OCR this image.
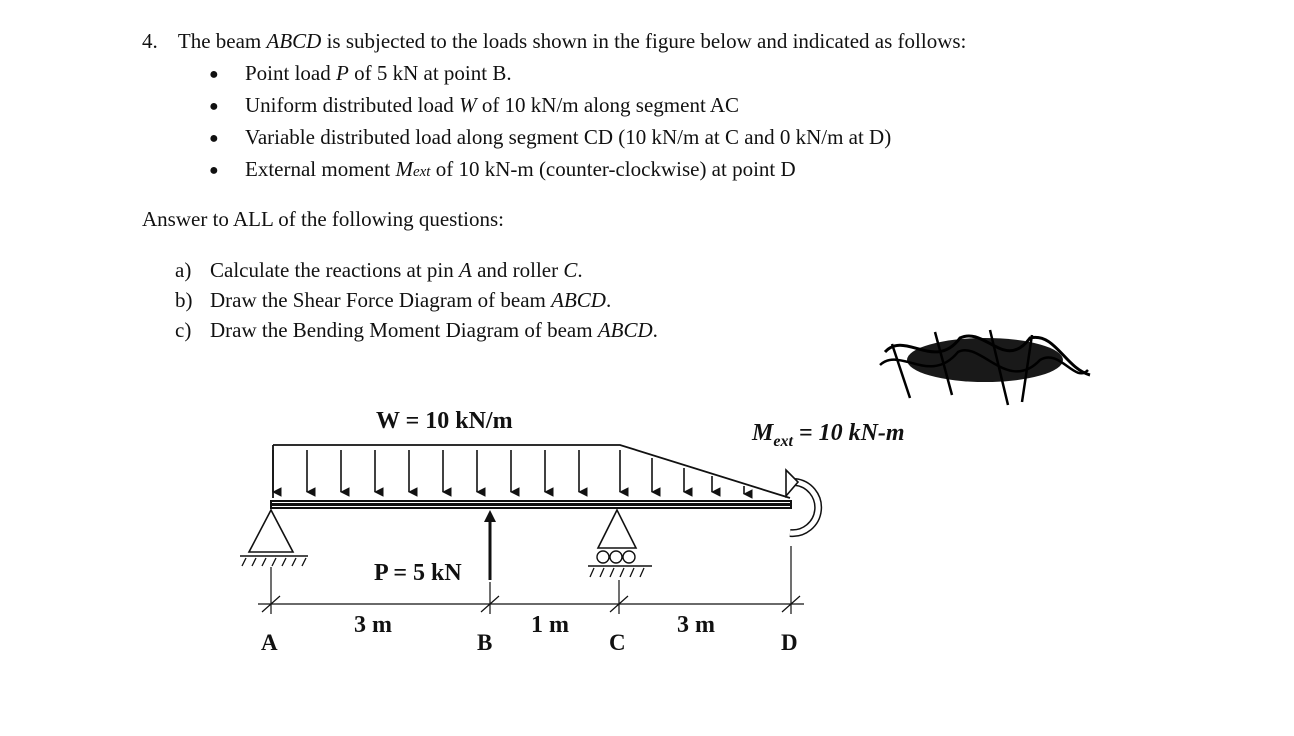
4. The beam ABCD is subjected to the loads shown in the figure below and indicated as follows:
● Point load P of 5 kN at point B.
● Uniform distributed load W of 10 kN/m along segment AC
● Variable distributed load along segment CD (10 kN/m at C and 0 kN/m at D)
● External moment Mext of 10 kN-m (counter-clockwise) at point D
Answer to ALL of the following questions:
a) Calculate the reactions at pin A and roller C.
b) Draw the Shear Force Diagram of beam ABCD.
c) Draw the Bending Moment Diagram of beam ABCD.
W = 10 kN/m	$M_{ext} = 10$ kN-m
P = 5 kN
3 m	1 m	3 m
A	B	C	D
